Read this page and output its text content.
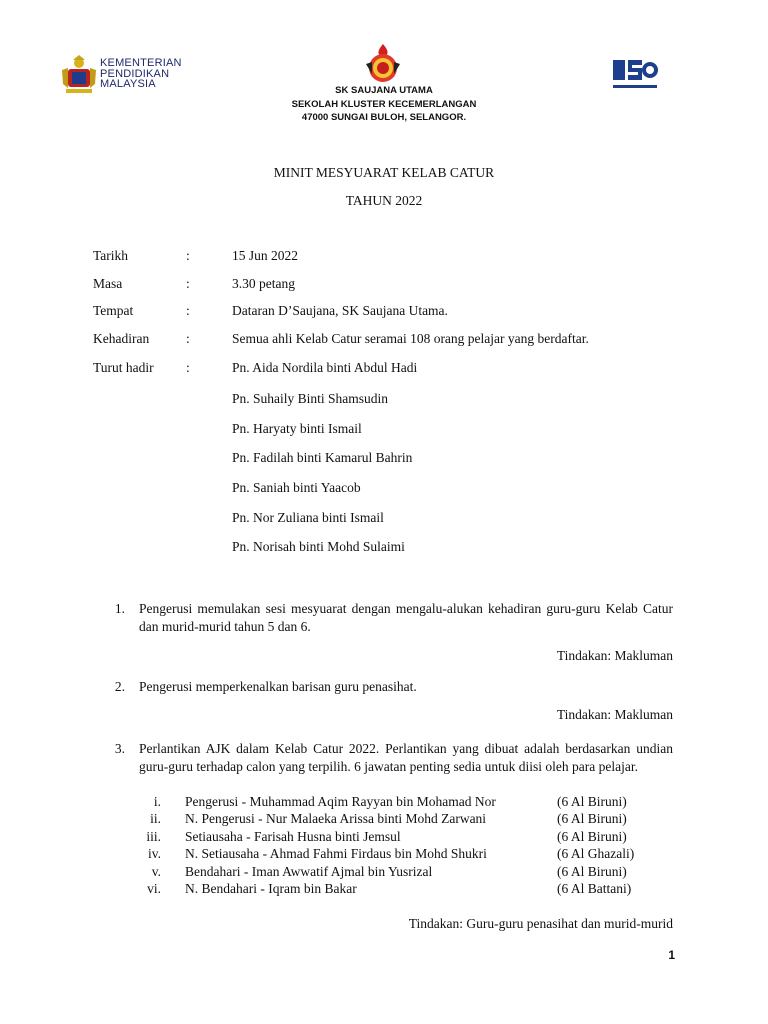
KEMENTERIAN
PENDIDIKAN
MALAYSIA
SK SAUJANA UTAMA
SEKOLAH KLUSTER KECEMERLANGAN
47000 SUNGAI BULOH, SELANGOR.
MINIT MESYUARAT KELAB CATUR
TAHUN 2022
Tarikh	:	15 Jun 2022
Masa	:	3.30 petang
Tempat	:	Dataran D’Saujana, SK Saujana Utama.
Kehadiran	:	Semua ahli Kelab Catur seramai 108 orang pelajar yang berdaftar.
Turut hadir :	Pn. Aida Nordila binti Abdul Hadi
Pn. Suhaily Binti Shamsudin
Pn. Haryaty binti Ismail
Pn. Fadilah binti Kamarul Bahrin
Pn. Saniah binti Yaacob
Pn. Nor Zuliana binti Ismail
Pn. Norisah binti Mohd Sulaimi
1. Pengerusi memulakan sesi mesyuarat dengan mengalu-alukan kehadiran guru-guru Kelab Catur dan murid-murid tahun 5 dan 6.
Tindakan: Makluman
2. Pengerusi memperkenalkan barisan guru penasihat.
Tindakan: Makluman
3. Perlantikan AJK dalam Kelab Catur 2022. Perlantikan yang dibuat adalah berdasarkan undian guru-guru terhadap calon yang terpilih. 6 jawatan penting sedia untuk diisi oleh para pelajar.
i. Pengerusi - Muhammad Aqim Rayyan bin Mohamad Nor	(6 Al Biruni)
ii. N. Pengerusi - Nur Malaeka Arissa binti Mohd Zarwani	(6 Al Biruni)
iii. Setiausaha - Farisah Husna binti Jemsul	(6 Al Biruni)
iv. N. Setiausaha - Ahmad Fahmi Firdaus bin Mohd Shukri	(6 Al Ghazali)
v. Bendahari - Iman Awwatif Ajmal bin Yusrizal	(6 Al Biruni)
vi. N. Bendahari - Iqram bin Bakar	(6 Al Battani)
Tindakan: Guru-guru penasihat dan murid-murid
1
